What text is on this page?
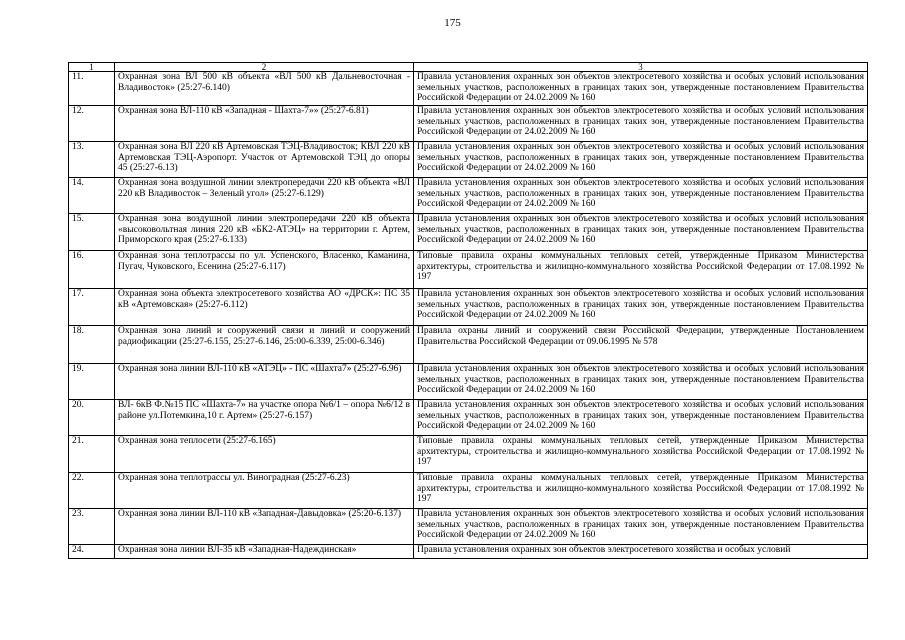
175
1	2	3
11.	Охранная зона ВЛ 500 кВ объекта «ВЛ 500 кВ Дальневосточная - Владивосток» (25:27-6.140)	Правила установления охранных зон объектов электросетевого хозяйства и особых условий использования земельных участков, расположенных в границах таких зон, утвержденные постановлением Правительства Российской Федерации от 24.02.2009 № 160
12.	Охранная зона ВЛ-110 кВ «Западная - Шахта-7»» (25:27-6.81)	Правила установления охранных зон объектов электросетевого хозяйства и особых условий использования земельных участков, расположенных в границах таких зон, утвержденные постановлением Правительства Российской Федерации от 24.02.2009 № 160
13.	Охранная зона ВЛ 220 кВ Артемовская ТЭЦ-Владивосток; КВЛ 220 кВ Артемовская ТЭЦ-Аэропорт. Участок от Артемовской ТЭЦ до опоры 45 (25:27-6.13)	Правила установления охранных зон объектов электросетевого хозяйства и особых условий использования земельных участков, расположенных в границах таких зон, утвержденные постановлением Правительства Российской Федерации от 24.02.2009 № 160
14.	Охранная зона воздушной линии электропередачи 220 кВ объекта «ВЛ 220 кВ Владивосток – Зеленый угол» (25:27-6.129)	Правила установления охранных зон объектов электросетевого хозяйства и особых условий использования земельных участков, расположенных в границах таких зон, утвержденные постановлением Правительства Российской Федерации от 24.02.2009 № 160
15.	Охранная зона воздушной линии электропередачи 220 кВ объекта «высоковольтная линия 220 кВ «БК2-АТЭЦ» на территории г. Артем, Приморского края (25:27-6.133)	Правила установления охранных зон объектов электросетевого хозяйства и особых условий использования земельных участков, расположенных в границах таких зон, утвержденные постановлением Правительства Российской Федерации от 24.02.2009 № 160
16.	Охранная зона теплотрассы по ул. Успенского, Власенко, Каманина, Пугач, Чуковского, Есенина (25:27-6.117)	Типовые правила охраны коммунальных тепловых сетей, утвержденные Приказом Министерства архитектуры, строительства и жилищно-коммунального хозяйства Российской Федерации от 17.08.1992 № 197
17.	Охранная зона объекта электросетевого хозяйства АО «ДРСК»: ПС 35 кВ «Артемовская» (25:27-6.112)	Правила установления охранных зон объектов электросетевого хозяйства и особых условий использования земельных участков, расположенных в границах таких зон, утвержденные постановлением Правительства Российской Федерации от 24.02.2009 № 160
18.	Охранная зона линий и сооружений связи и линий и сооружений радиофикации (25:27-6.155, 25:27-6.146, 25:00-6.339, 25:00-6.346)	Правила охраны линий и сооружений связи Российской Федерации, утвержденные Постановлением Правительства Российской Федерации от 09.06.1995 № 578
19.	Охранная зона линии ВЛ-110 кВ «АТЭЦ» - ПС «Шахта7» (25:27-6.96)	Правила установления охранных зон объектов электросетевого хозяйства и особых условий использования земельных участков, расположенных в границах таких зон, утвержденные постановлением Правительства Российской Федерации от 24.02.2009 № 160
20.	ВЛ- 6кВ Ф.№15 ПС «Шахта-7» на участке опора №6/1 – опора №6/12 в районе ул.Потемкина,10 г. Артем» (25:27-6.157)	Правила установления охранных зон объектов электросетевого хозяйства и особых условий использования земельных участков, расположенных в границах таких зон, утвержденные постановлением Правительства Российской Федерации от 24.02.2009 № 160
21.	Охранная зона теплосети (25:27-6.165)	Типовые правила охраны коммунальных тепловых сетей, утвержденные Приказом Министерства архитектуры, строительства и жилищно-коммунального хозяйства Российской Федерации от 17.08.1992 № 197
22.	Охранная зона теплотрассы ул. Виноградная (25:27-6.23)	Типовые правила охраны коммунальных тепловых сетей, утвержденные Приказом Министерства архитектуры, строительства и жилищно-коммунального хозяйства Российской Федерации от 17.08.1992 № 197
23.	Охранная зона линии ВЛ-110 кВ «Западная-Давыдовка» (25:20-6.137)	Правила установления охранных зон объектов электросетевого хозяйства и особых условий использования земельных участков, расположенных в границах таких зон, утвержденные постановлением Правительства Российской Федерации от 24.02.2009 № 160
24.	Охранная зона линии ВЛ-35 кВ «Западная-Надеждинская»	Правила установления охранных зон объектов электросетевого хозяйства и особых условий
